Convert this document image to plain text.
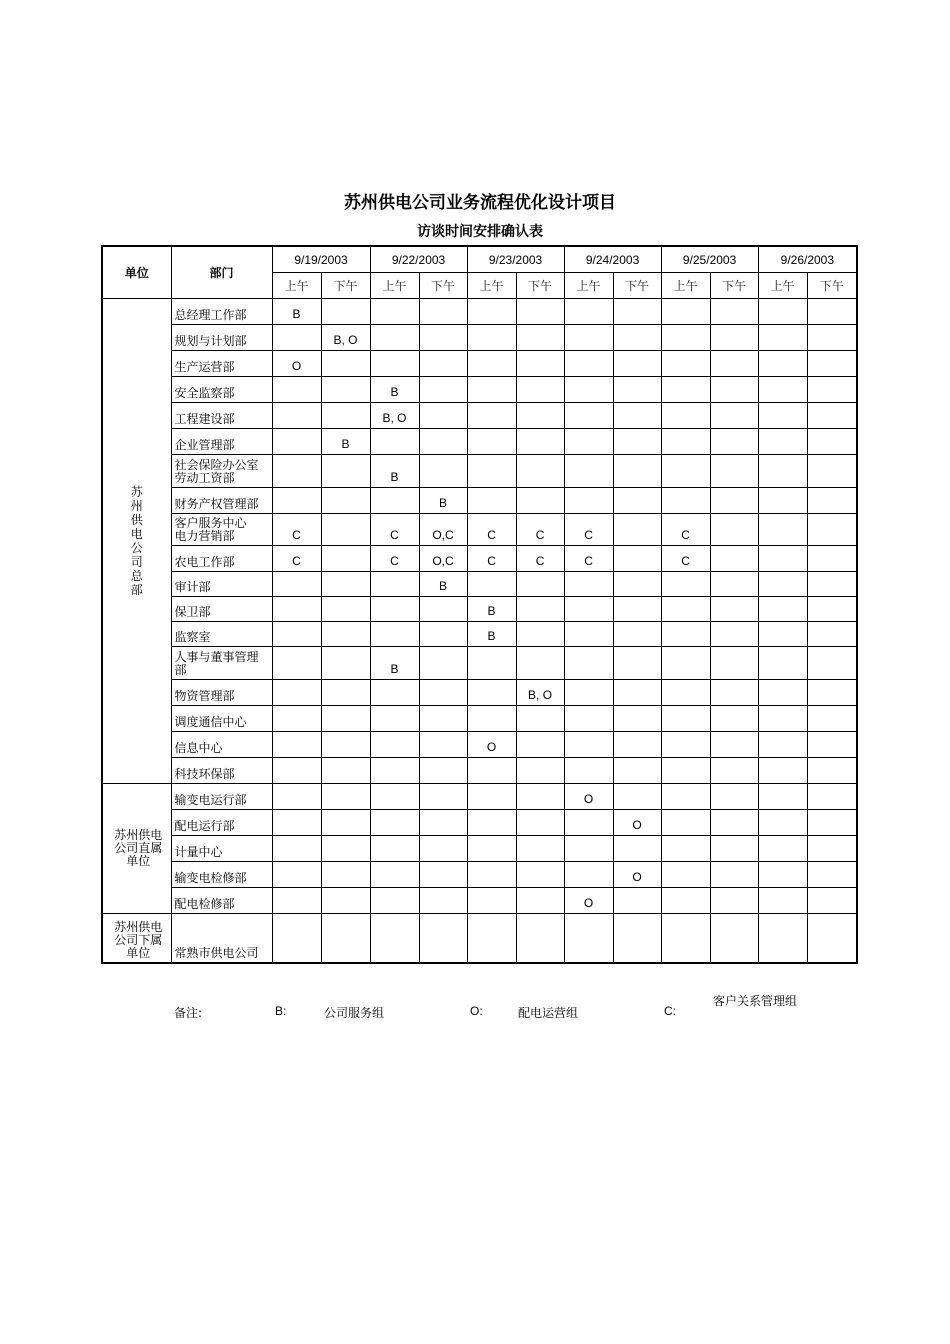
苏州供电公司业务流程优化设计项目
访谈时间安排确认表
单位	部门	9/19/2003		9/22/2003		9/23/2003		9/24/2003		9/25/2003		9/26/2003	
		上午	下午	上午	下午	上午	下午	上午	下午	上午	下午	上午	下午
苏州供电公司总部	总经理工作部	B											

	规划与计划部		B, O										

	生产运营部	O											

	安全监察部			B									

	工程建设部			B, O									

	企业管理部		B										

	社会保险办公室
劳动工资部			B									

	财务产权管理部				B								

	客户服务中心
电力营销部	C		C	O,C	C	C	C		C			

	农电工作部	C		C	O,C	C	C	C		C			

	审计部				B								

	保卫部					B							

	监察室					B							

	人事与董事管理
部			B									

	物资管理部						B, O						

	调度通信中心												

	信息中心					O							

	科技环保部												

苏州供电
公司直属
单位	输变电运行部							O					

	配电运行部								O				

	计量中心												

	输变电检修部								O				

	配电检修部							O					

苏州供电
公司下属
单位	常熟市供电公司												

备注:	B:	公司服务组	O:	配电运营组	C:
客户关系管理组
